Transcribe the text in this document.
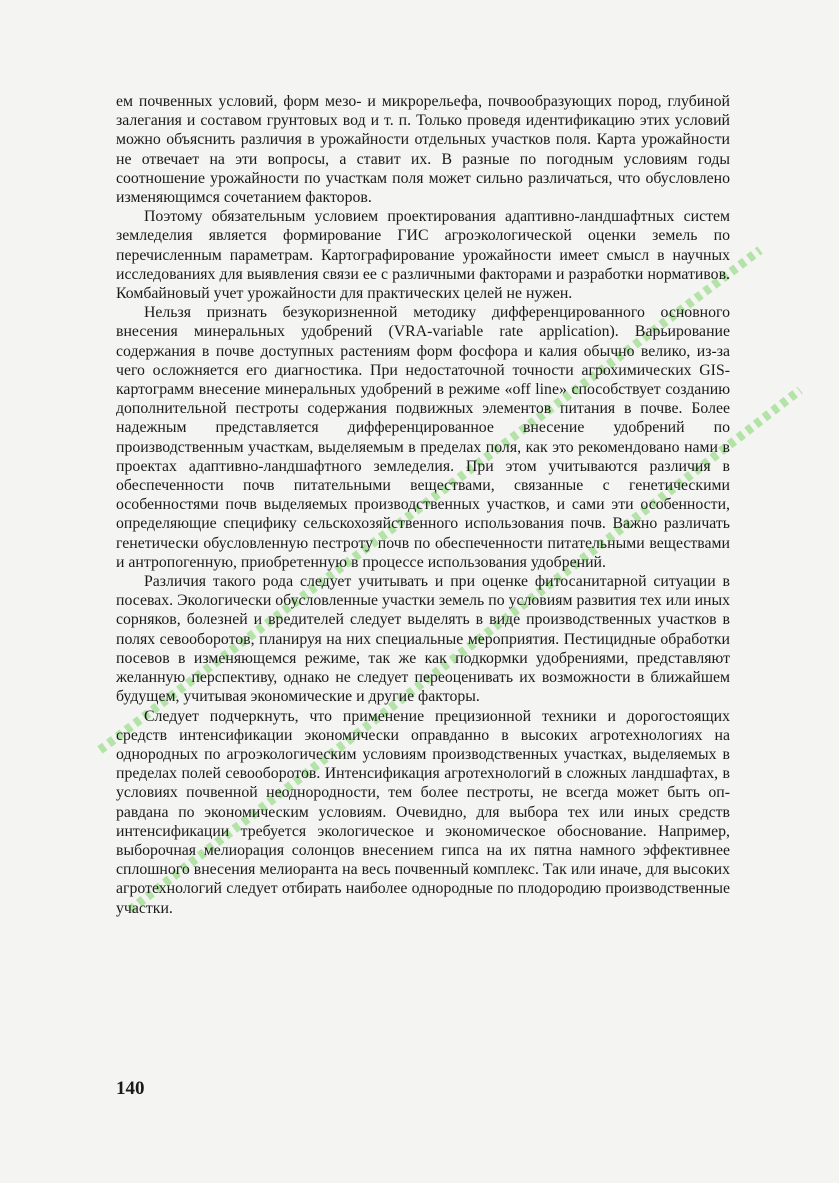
ем почвенных условий, форм мезо- и микрорельефа, почвообразующих пород, глубиной залегания и составом грунтовых вод и т. п. Только проведя идентификацию этих условий можно объяснить различия в урожайности отдельных участков поля. Карта урожайности не отвечает на эти вопросы, а ставит их. В разные по погодным условиям годы соотношение урожайности по участкам поля может сильно различаться, что обусловлено изменяющимся сочетанием факторов.

Поэтому обязательным условием проектирования адаптивно-ландшафтных систем земледелия является формирование ГИС агроэкологической оценки земель по перечисленным параметрам. Картографирование урожайности имеет смысл в научных исследованиях для выявления связи ее с различными факторами и разработки нормативов. Комбайновый учет урожайности для практических целей не нужен.

Нельзя признать безукоризненной методику дифференцированного основного внесения минеральных удобрений (VRA-variable rate application). Варьирование содержания в почве доступных растениям форм фосфора и калия обычно велико, из-за чего осложняется его диагностика. При недостаточной точности агрохимических GIS-картограмм внесение минеральных удобрений в режиме «off line» способствует созданию дополнительной пестроты содержания подвижных элементов питания в почве. Более надежным представляется дифференцированное внесение удобрений по производственным участкам, выделяемым в пределах поля, как это рекомендовано нами в проектах адаптивно-ландшафтного земледелия. При этом учитываются различия в обеспеченности почв питательными веществами, связанные с генетическими особенностями почв выделяемых производственных участков, и сами эти особенности, определяющие специфику сельскохозяйственного использования почв. Важно различать генетически обусловленную пестроту почв по обеспеченности питательными веществами и антропогенную, приобретенную в процессе использования удобрений.

Различия такого рода следует учитывать и при оценке фитосанитарной ситуации в посевах. Экологически обусловленные участки земель по условиям развития тех или иных сорняков, болезней и вредителей следует выделять в виде производственных участков в полях севооборотов, планируя на них специальные мероприятия. Пестицидные обработки посевов в изменяющемся режиме, так же как подкормки удобрениями, представляют желанную перспективу, однако не следует переоценивать их возможности в ближайшем будущем, учитывая экономические и другие факторы.

Следует подчеркнуть, что применение прецизионной техники и дорогостоящих средств интенсификации экономически оправданно в высоких агротехнологиях на однородных по агроэкологическим условиям производственных участках, выделяемых в пределах полей севооборотов. Интенсификация агротехнологий в сложных ландшафтах, в условиях почвенной неоднородности, тем более пестроты, не всегда может быть оправдана по экономическим условиям. Очевидно, для выбора тех или иных средств интенсификации требуется экологическое и экономическое обоснование. Например, выборочная мелиорация солонцов внесением гипса на их пятна намного эффективнее сплошного внесения мелиоранта на весь почвенный комплекс. Так или иначе, для высоких агротехнологий следует отбирать наиболее однородные по плодородию производственные участки.

140
